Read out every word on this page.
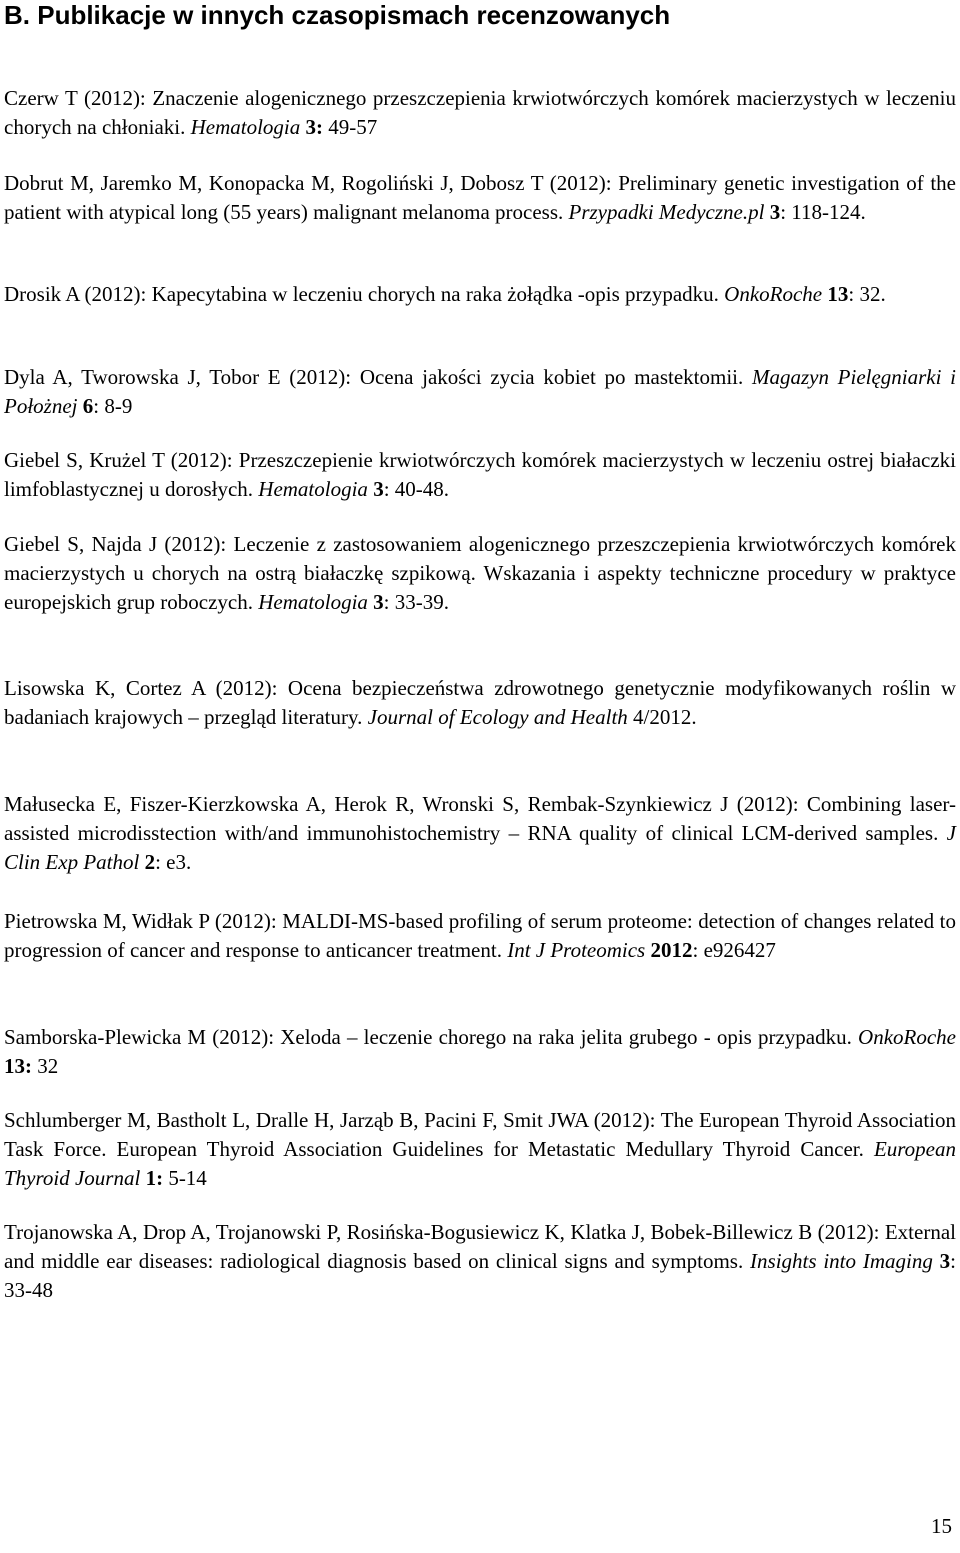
B. Publikacje w innych czasopismach recenzowanych

Czerw T (2012): Znaczenie alogenicznego przeszczepienia krwiotwórczych komórek macierzystych w leczeniu chorych na chłoniaki. Hematologia 3: 49-57

Dobrut M, Jaremko M, Konopacka M, Rogoliński J, Dobosz T (2012): Preliminary genetic investigation of the patient with atypical long (55 years) malignant melanoma process. Przypadki Medyczne.pl 3: 118-124.

Drosik A (2012): Kapecytabina w leczeniu chorych na raka żołądka -opis przypadku. OnkoRoche 13: 32.

Dyla A, Tworowska J, Tobor E (2012): Ocena jakości zycia kobiet po mastektomii. Magazyn Pielęgniarki i Położnej 6: 8-9

Giebel S, Krużel T (2012): Przeszczepienie krwiotwórczych komórek macierzystych w leczeniu ostrej białaczki limfoblastycznej u dorosłych. Hematologia 3: 40-48.

Giebel S, Najda J (2012): Leczenie z zastosowaniem alogenicznego przeszczepienia krwiotwórczych komórek macierzystych u chorych na ostrą białaczkę szpikową. Wskazania i aspekty techniczne procedury w praktyce europejskich grup roboczych. Hematologia 3: 33-39.

Lisowska K, Cortez A (2012): Ocena bezpieczeństwa zdrowotnego genetycznie modyfikowanych roślin w badaniach krajowych – przegląd literatury. Journal of Ecology and Health 4/2012.

Małusecka E, Fiszer-Kierzkowska A, Herok R, Wronski S, Rembak-Szynkiewicz J (2012): Combining laser-assisted microdisstection with/and immunohistochemistry – RNA quality of clinical LCM-derived samples. J Clin Exp Pathol 2: e3.

Pietrowska M, Widłak P (2012): MALDI-MS-based profiling of serum proteome: detection of changes related to progression of cancer and response to anticancer treatment. Int J Proteomics 2012: e926427

Samborska-Plewicka M (2012): Xeloda – leczenie chorego na raka jelita grubego - opis przypadku. OnkoRoche 13: 32

Schlumberger M, Bastholt L, Dralle H, Jarząb B, Pacini F, Smit JWA (2012): The European Thyroid Association Task Force. European Thyroid Association Guidelines for Metastatic Medullary Thyroid Cancer. European Thyroid Journal 1: 5-14

Trojanowska A, Drop A, Trojanowski P, Rosińska-Bogusiewicz K, Klatka J, Bobek-Billewicz B (2012): External and middle ear diseases: radiological diagnosis based on clinical signs and symptoms. Insights into Imaging 3: 33-48

15
